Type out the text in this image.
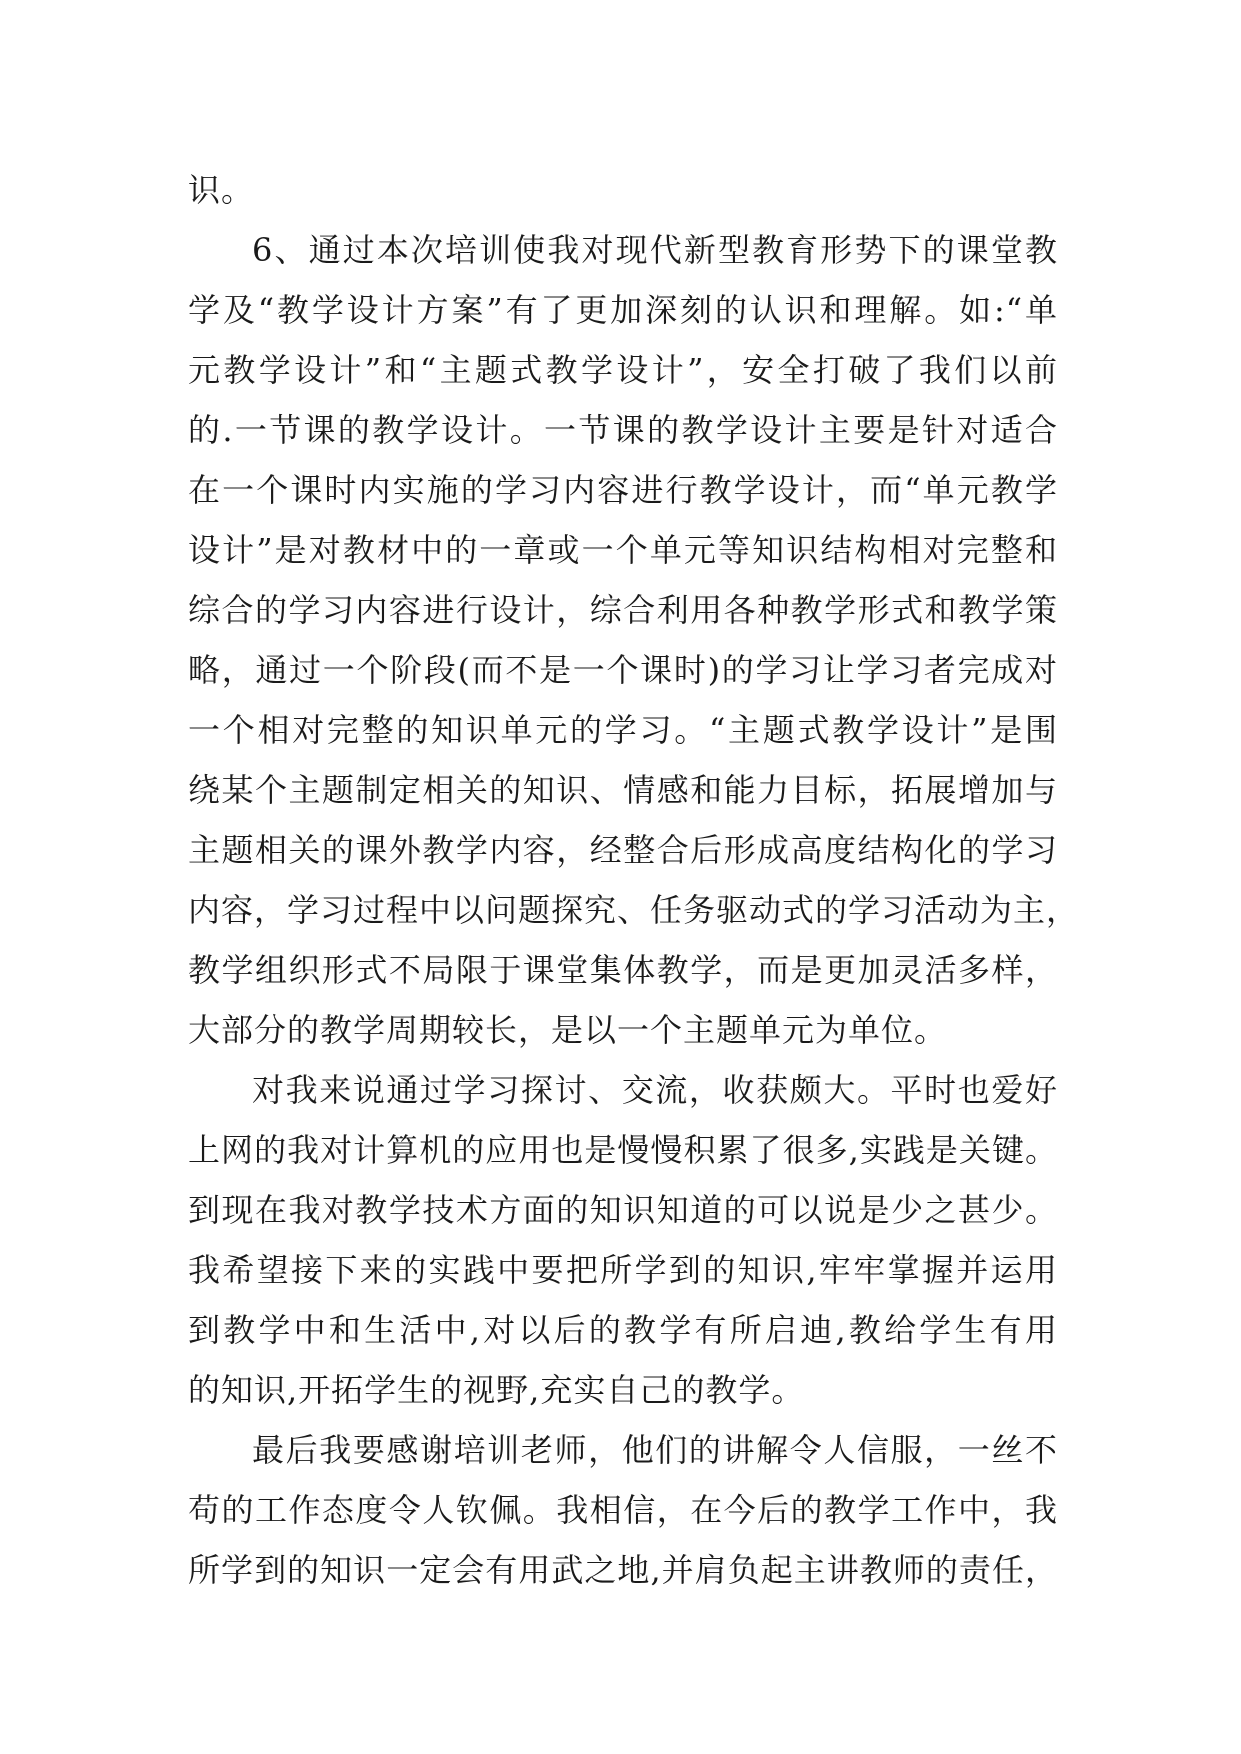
识。
6、通过本次培训使我对现代新型教育形势下的课堂教
学及“教学设计方案”有了更加深刻的认识和理解。如:“单
元教学设计”和“主题式教学设计”，安全打破了我们以前
的.一节课的教学设计。一节课的教学设计主要是针对适合
在一个课时内实施的学习内容进行教学设计，而“单元教学
设计”是对教材中的一章或一个单元等知识结构相对完整和
综合的学习内容进行设计，综合利用各种教学形式和教学策
略，通过一个阶段(而不是一个课时)的学习让学习者完成对
一个相对完整的知识单元的学习。“主题式教学设计”是围
绕某个主题制定相关的知识、情感和能力目标，拓展增加与
主题相关的课外教学内容，经整合后形成高度结构化的学习
内容，学习过程中以问题探究、任务驱动式的学习活动为主，
教学组织形式不局限于课堂集体教学，而是更加灵活多样，
大部分的教学周期较长，是以一个主题单元为单位。
对我来说通过学习探讨、交流，收获颇大。平时也爱好
上网的我对计算机的应用也是慢慢积累了很多,实践是关键。
到现在我对教学技术方面的知识知道的可以说是少之甚少。
我希望接下来的实践中要把所学到的知识,牢牢掌握并运用
到教学中和生活中,对以后的教学有所启迪,教给学生有用
的知识,开拓学生的视野,充实自己的教学。
最后我要感谢培训老师，他们的讲解令人信服，一丝不
苟的工作态度令人钦佩。我相信，在今后的教学工作中，我
所学到的知识一定会有用武之地,并肩负起主讲教师的责任，
